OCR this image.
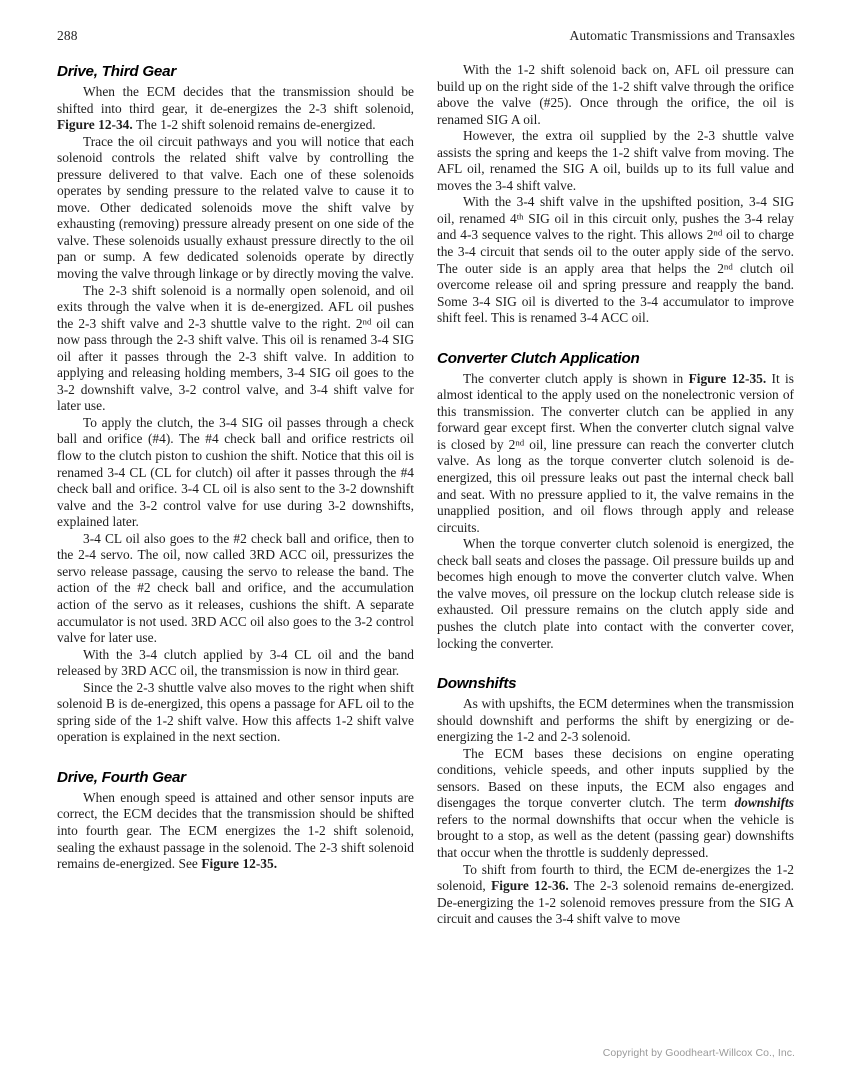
288	Automatic Transmissions and Transaxles
Drive, Third Gear

When the ECM decides that the transmission should be shifted into third gear, it de-energizes the 2-3 shift solenoid, Figure 12-34. The 1-2 shift solenoid remains de-energized.

Trace the oil circuit pathways and you will notice that each solenoid controls the related shift valve by controlling the pressure delivered to that valve. Each one of these solenoids operates by sending pressure to the related valve to cause it to move. Other dedicated solenoids move the shift valve by exhausting (removing) pressure already present on one side of the valve. These solenoids usually exhaust pressure directly to the oil pan or sump. A few dedicated solenoids operate by directly moving the valve through linkage or by directly moving the valve.

The 2-3 shift solenoid is a normally open solenoid, and oil exits through the valve when it is de-energized. AFL oil pushes the 2-3 shift valve and 2-3 shuttle valve to the right. 2nd oil can now pass through the 2-3 shift valve. This oil is renamed 3-4 SIG oil after it passes through the 2-3 shift valve. In addition to applying and releasing holding members, 3-4 SIG oil goes to the 3-2 downshift valve, 3-2 control valve, and 3-4 shift valve for later use.

To apply the clutch, the 3-4 SIG oil passes through a check ball and orifice (#4). The #4 check ball and orifice restricts oil flow to the clutch piston to cushion the shift. Notice that this oil is renamed 3-4 CL (CL for clutch) oil after it passes through the #4 check ball and orifice. 3-4 CL oil is also sent to the 3-2 downshift valve and the 3-2 control valve for use during 3-2 downshifts, explained later.

3-4 CL oil also goes to the #2 check ball and orifice, then to the 2-4 servo. The oil, now called 3RD ACC oil, pressurizes the servo release passage, causing the servo to release the band. The action of the #2 check ball and orifice, and the accumulation action of the servo as it releases, cushions the shift. A separate accumulator is not used. 3RD ACC oil also goes to the 3-2 control valve for later use.

With the 3-4 clutch applied by 3-4 CL oil and the band released by 3RD ACC oil, the transmission is now in third gear.

Since the 2-3 shuttle valve also moves to the right when shift solenoid B is de-energized, this opens a passage for AFL oil to the spring side of the 1-2 shift valve. How this affects 1-2 shift valve operation is explained in the next section.

Drive, Fourth Gear

When enough speed is attained and other sensor inputs are correct, the ECM decides that the transmission should be shifted into fourth gear. The ECM energizes the 1-2 shift solenoid, sealing the exhaust passage in the solenoid. The 2-3 shift solenoid remains de-energized. See Figure 12-35.

With the 1-2 shift solenoid back on, AFL oil pressure can build up on the right side of the 1-2 shift valve through the orifice above the valve (#25). Once through the orifice, the oil is renamed SIG A oil.

However, the extra oil supplied by the 2-3 shuttle valve assists the spring and keeps the 1-2 shift valve from moving. The AFL oil, renamed the SIG A oil, builds up to its full value and moves the 3-4 shift valve.

With the 3-4 shift valve in the upshifted position, 3-4 SIG oil, renamed 4th SIG oil in this circuit only, pushes the 3-4 relay and 4-3 sequence valves to the right. This allows 2nd oil to charge the 3-4 circuit that sends oil to the outer apply side of the servo. The outer side is an apply area that helps the 2nd clutch oil overcome release oil and spring pressure and reapply the band. Some 3-4 SIG oil is diverted to the 3-4 accumulator to improve shift feel. This is renamed 3-4 ACC oil.

Converter Clutch Application

The converter clutch apply is shown in Figure 12-35. It is almost identical to the apply used on the nonelectronic version of this transmission. The converter clutch can be applied in any forward gear except first. When the converter clutch signal valve is closed by 2nd oil, line pressure can reach the converter clutch valve. As long as the torque converter clutch solenoid is de-energized, this oil pressure leaks out past the internal check ball and seat. With no pressure applied to it, the valve remains in the unapplied position, and oil flows through apply and release circuits.

When the torque converter clutch solenoid is energized, the check ball seats and closes the passage. Oil pressure builds up and becomes high enough to move the converter clutch valve. When the valve moves, oil pressure on the lockup clutch release side is exhausted. Oil pressure remains on the clutch apply side and pushes the clutch plate into contact with the converter cover, locking the converter.

Downshifts

As with upshifts, the ECM determines when the transmission should downshift and performs the shift by energizing or de-energizing the 1-2 and 2-3 solenoid.

The ECM bases these decisions on engine operating conditions, vehicle speeds, and other inputs supplied by the sensors. Based on these inputs, the ECM also engages and disengages the torque converter clutch. The term downshifts refers to the normal downshifts that occur when the vehicle is brought to a stop, as well as the detent (passing gear) downshifts that occur when the throttle is suddenly depressed.

To shift from fourth to third, the ECM de-energizes the 1-2 solenoid, Figure 12-36. The 2-3 solenoid remains de-energized. De-energizing the 1-2 solenoid removes pressure from the SIG A circuit and causes the 3-4 shift valve to move

Copyright by Goodheart-Willcox Co., Inc.
